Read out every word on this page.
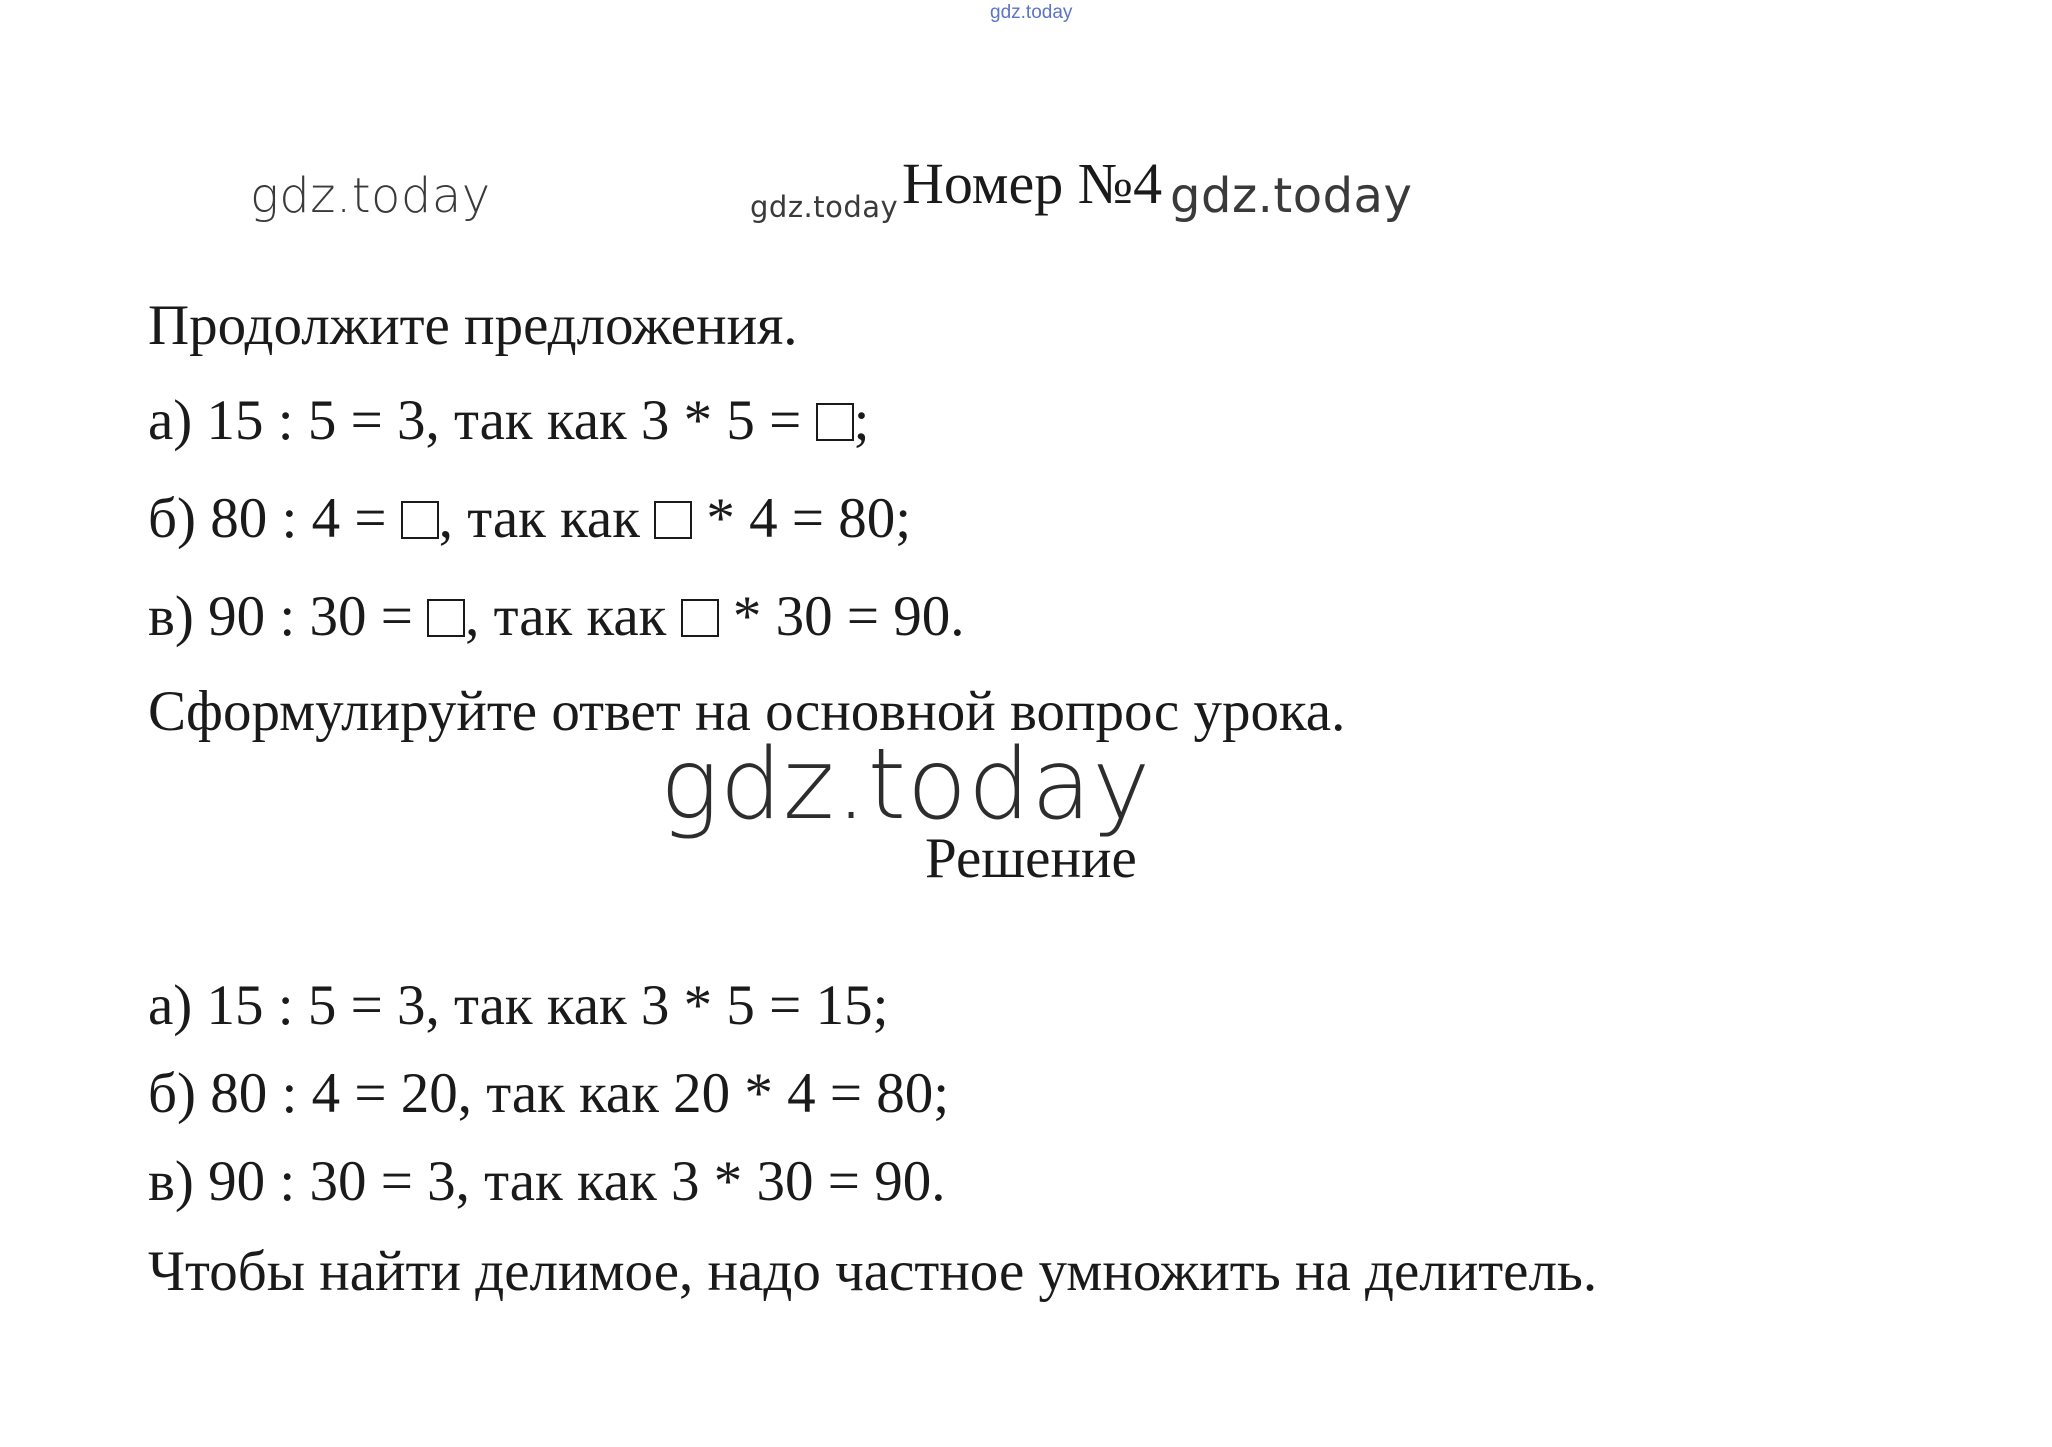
gdz.today
gdz.today	gdz.today Номер №4 gdz.today
Продолжите предложения.
а) 15 : 5 = 3, так как 3 * 5 = ;
б) 80 : 4 = , так как  * 4 = 80;
в) 90 : 30 = , так как  * 30 = 90.
Сформулируйте ответ на основной вопрос урока.
gdz.today
Решение
а) 15 : 5 = 3, так как 3 * 5 = 15;
б) 80 : 4 = 20, так как 20 * 4 = 80;
в) 90 : 30 = 3, так как 3 * 30 = 90.
Чтобы найти делимое, надо частное умножить на делитель.
